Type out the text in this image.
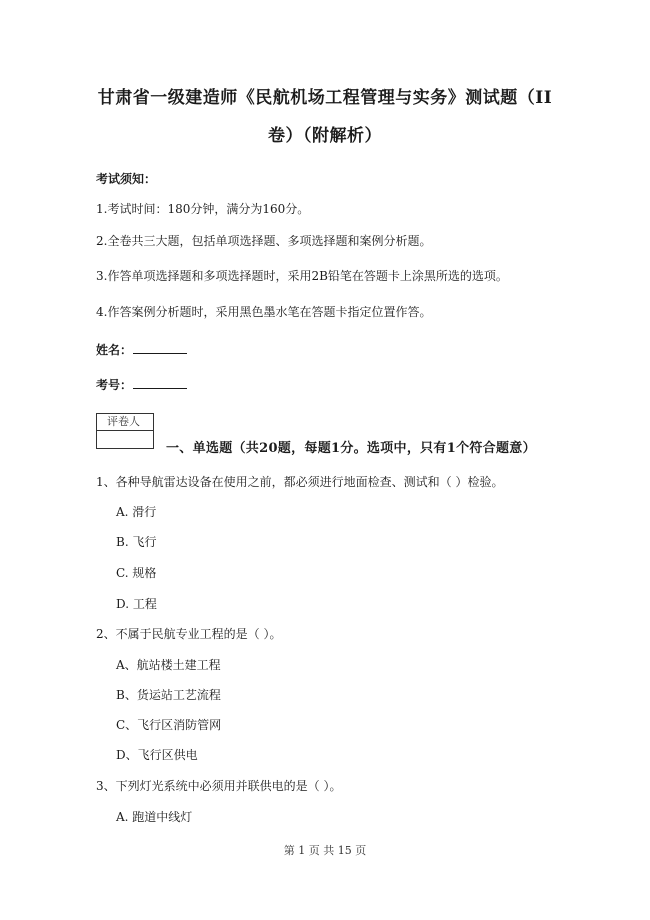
甘肃省一级建造师《民航机场工程管理与实务》测试题（II
卷）（附解析）
考试须知：
1.考试时间：180分钟，满分为160分。
2.全卷共三大题，包括单项选择题、多项选择题和案例分析题。
3.作答单项选择题和多项选择题时，采用2B铅笔在答题卡上涂黑所选的选项。
4.作答案例分析题时，采用黑色墨水笔在答题卡指定位置作答。
姓名：
考号：
评卷人
一、单选题（共20题，每题1分。选项中，只有1个符合题意）
1、各种导航雷达设备在使用之前，都必须进行地面检查、测试和（ ）检验。
A. 滑行
B. 飞行
C. 规格
D. 工程
2、不属于民航专业工程的是（ ）。
A、航站楼土建工程
B、货运站工艺流程
C、飞行区消防管网
D、飞行区供电
3、下列灯光系统中必须用并联供电的是（ ）。
A. 跑道中线灯
第 1 页 共 15 页
